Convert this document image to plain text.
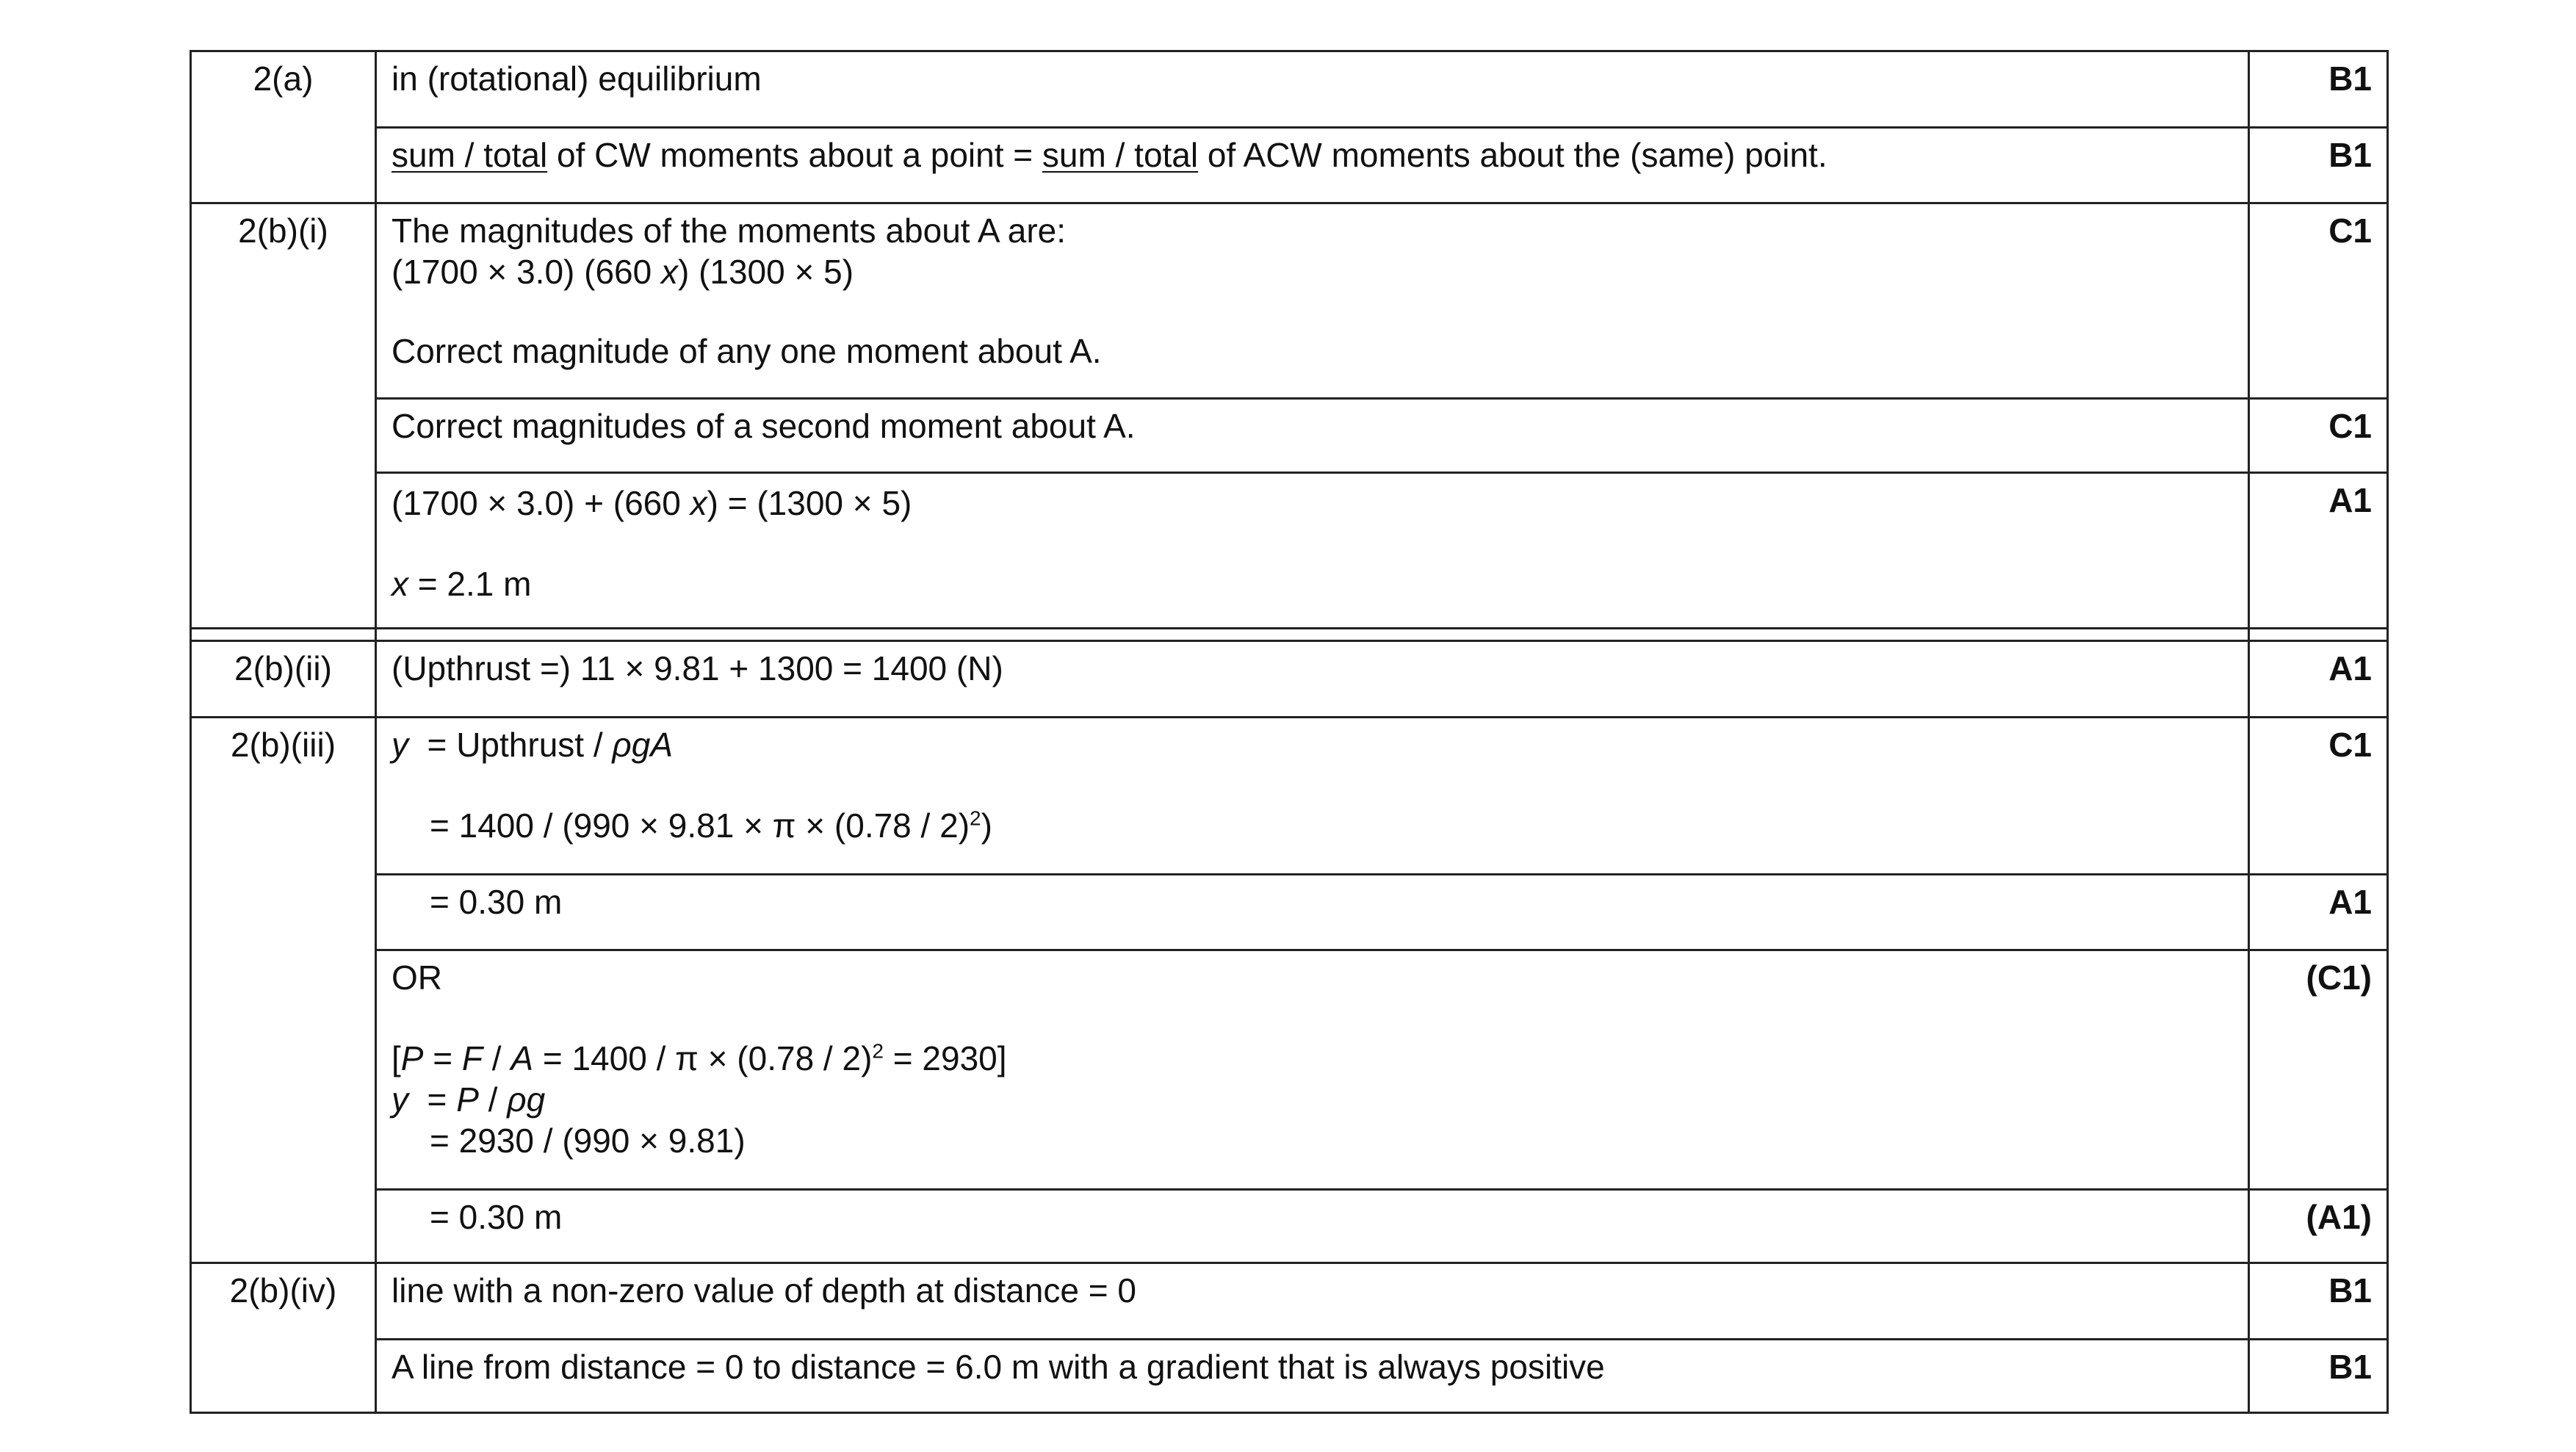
2(a)	in (rotational) equilibrium	B1

	sum / total of CW moments about a point = sum / total of ACW moments about the (same) point.	B1
2(b)(i)	The magnitudes of the moments about A are:
(1700 × 3.0) (660 x) (1300 × 5)
Correct magnitude of any one moment about A.	C1

	Correct magnitudes of a second moment about A.	C1

	(1700 × 3.0) + (660 x) = (1300 × 5)
x = 2.1 m	A1

2(b)(ii)	(Upthrust =) 11 × 9.81 + 1300 = 1400 (N)	A1
2(b)(iii)	y  = Upthrust / ρgA
= 1400 / (990 × 9.81 × π × (0.78 / 2)$^2$)	C1

	= 0.30 m	A1

	OR
[P = F / A = 1400 / π × (0.78 / 2)$^2$ = 2930]
y  = P / ρg
= 2930 / (990 × 9.81)	(C1)

	= 0.30 m	(A1)
2(b)(iv)	line with a non-zero value of depth at distance = 0	B1

	A line from distance = 0 to distance = 6.0 m with a gradient that is always positive	B1
